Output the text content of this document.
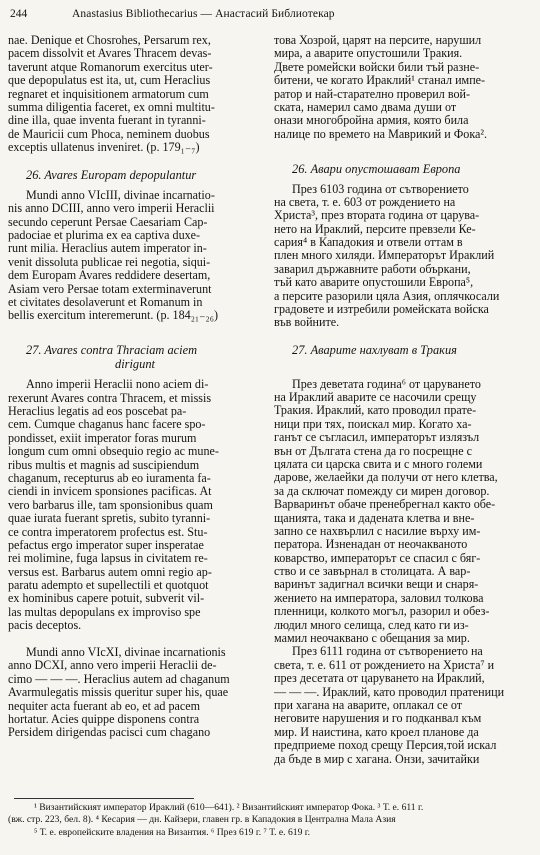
244	Anastasius Bibliothecarius — Анастасий Библиотекар
nae. Denique et Chosrohes, Persarum rex,
pacem dissolvit et Avares Thracem devas-
taverunt atque Romanorum exercitus uter-
que depopulatus est ita, ut, cum Heraclius
regnaret et inquisitionem armatorum cum
summa diligentia faceret, ex omni multitu-
dine illa, quae inventa fuerant in tyranni-
de Mauricii cum Phoca, neminem duobus
exceptis ullatenus inveniret. (p. 179₁₋₇)
26. Avares Europam depopulantur
Mundi anno VIcIII, divinae incarnatio-
nis anno DCIII, anno vero imperii Heraclii
secundo ceperunt Persae Caesariam Cap-
padociae et plurima ex ea captiva duxe-
runt milia. Heraclius autem imperator in-
venit dissoluta publicae rei negotia, siqui-
dem Europam Avares reddidere desertam,
Asiam vero Persae totam exterminaverunt
et civitates desolaverunt et Romanum in
bellis exercitum interemerunt. (p. 184₂₁₋₂₆)
27. Avares contra Thraciam aciem
dirigunt
Anno imperii Heraclii nono aciem di-
rexerunt Avares contra Thracem, et missis
Heraclius legatis ad eos poscebat pa-
cem. Cumque chaganus hanc facere spo-
pondisset, exiit imperator foras murum
longum cum omni obsequio regio ac mune-
ribus multis et magnis ad suscipiendum
chaganum, recepturus ab eo iuramenta fa-
ciendi in invicem sponsiones pacificas. At
vero barbarus ille, tam sponsionibus quam
quae iurata fuerant spretis, subito tyranni-
ce contra imperatorem profectus est. Stu-
pefactus ergo imperator super insperatae
rei molimine, fuga lapsus in civitatem re-
versus est. Barbarus autem omni regio ap-
paratu adempto et supellectili et quotquot
ex hominibus capere potuit, subverit vil-
las multas depopulans ex improviso spe
pacis deceptos.
Mundi anno VIcXI, divinae incarnationis
anno DCXI, anno vero imperii Heraclii de-
cimo — — —. Heraclius autem ad chaganum
Avarmulegatis missis queritur super his, quae
nequiter acta fuerant ab eo, et ad pacem
hortatur. Acies quippe disponens contra
Persidem dirigendas pacisci cum chagano
това Хозрой, царят на персите, нарушил
мира, а аварите опустошили Тракия.
Двете ромейски войски били тъй разне-
битени, че когато Ираклий¹ станал импе-
ратор и най-старателно проверил вой-
ската, намерил само двама души от
онази многобройна армия, която била
налице по времето на Маврикий и Фока².
26. Авари опустошават Европа
През 6103 година от сътворението
на света, т. е. 603 от рождението на
Христа³, през втората година от царува-
нето на Ираклий, персите превзели Ке-
сария⁴ в Кападокия и отвели оттам в
плен много хиляди. Императорът Ираклий
заварил държавните работи объркани,
тъй като аварите опустошили Европа⁵,
а персите разорили цяла Азия, оплячкосали
градовете и изтребили ромейската войска
във войните.
27. Аварите нахлуват в Тракия
През деветата година⁶ от царуването
на Ираклий аварите се насочили срещу
Тракия. Ираклий, като проводил прате-
ници при тях, поискал мир. Когато ха-
ганът се съгласил, императорът излязъл
вън от Дългата стена да го посрещне с
цялата си царска свита и с много големи
дарове, желаейки да получи от него клетва,
за да сключат помежду си мирен договор.
Варваринът обаче пренебрегнал както обе-
щанията, така и дадената клетва и вне-
запно се нахвърлил с насилие върху им-
ператора. Изненадан от неочакваното
коварство, императорът се спасил с бяг-
ство и се завърнал в столицата. А вар-
варинът задигнал всички вещи и снаря-
жението на императора, заловил толкова
пленници, колкото могъл, разорил и обез-
людил много селища, след като ги из-
мамил неочаквано с обещания за мир.
През 6111 година от сътворението на
света, т. е. 611 от рождението на Христа⁷ и
през десетата от царуването на Ираклий,
— — —. Ираклий, като проводил пратеници
при хагана на аварите, оплакал се от
неговите нарушения и го подканвал към
мир. И наистина, като кроел планове да
предприеме поход срещу Персия,той искал
да бъде в мир с хагана. Онзи, зачитайки
¹ Византийският император Ираклий (610—641). ² Византийският император Фока. ³ Т. е. 611 г.
(вж. стр. 223, бел. 8). ⁴ Кесария — дн. Кайзери, главен гр. в Кападокия в Централна Мала Азия
⁵ Т. е. европейските владения на Византия. ⁶ През 619 г. ⁷ Т. е. 619 г.
